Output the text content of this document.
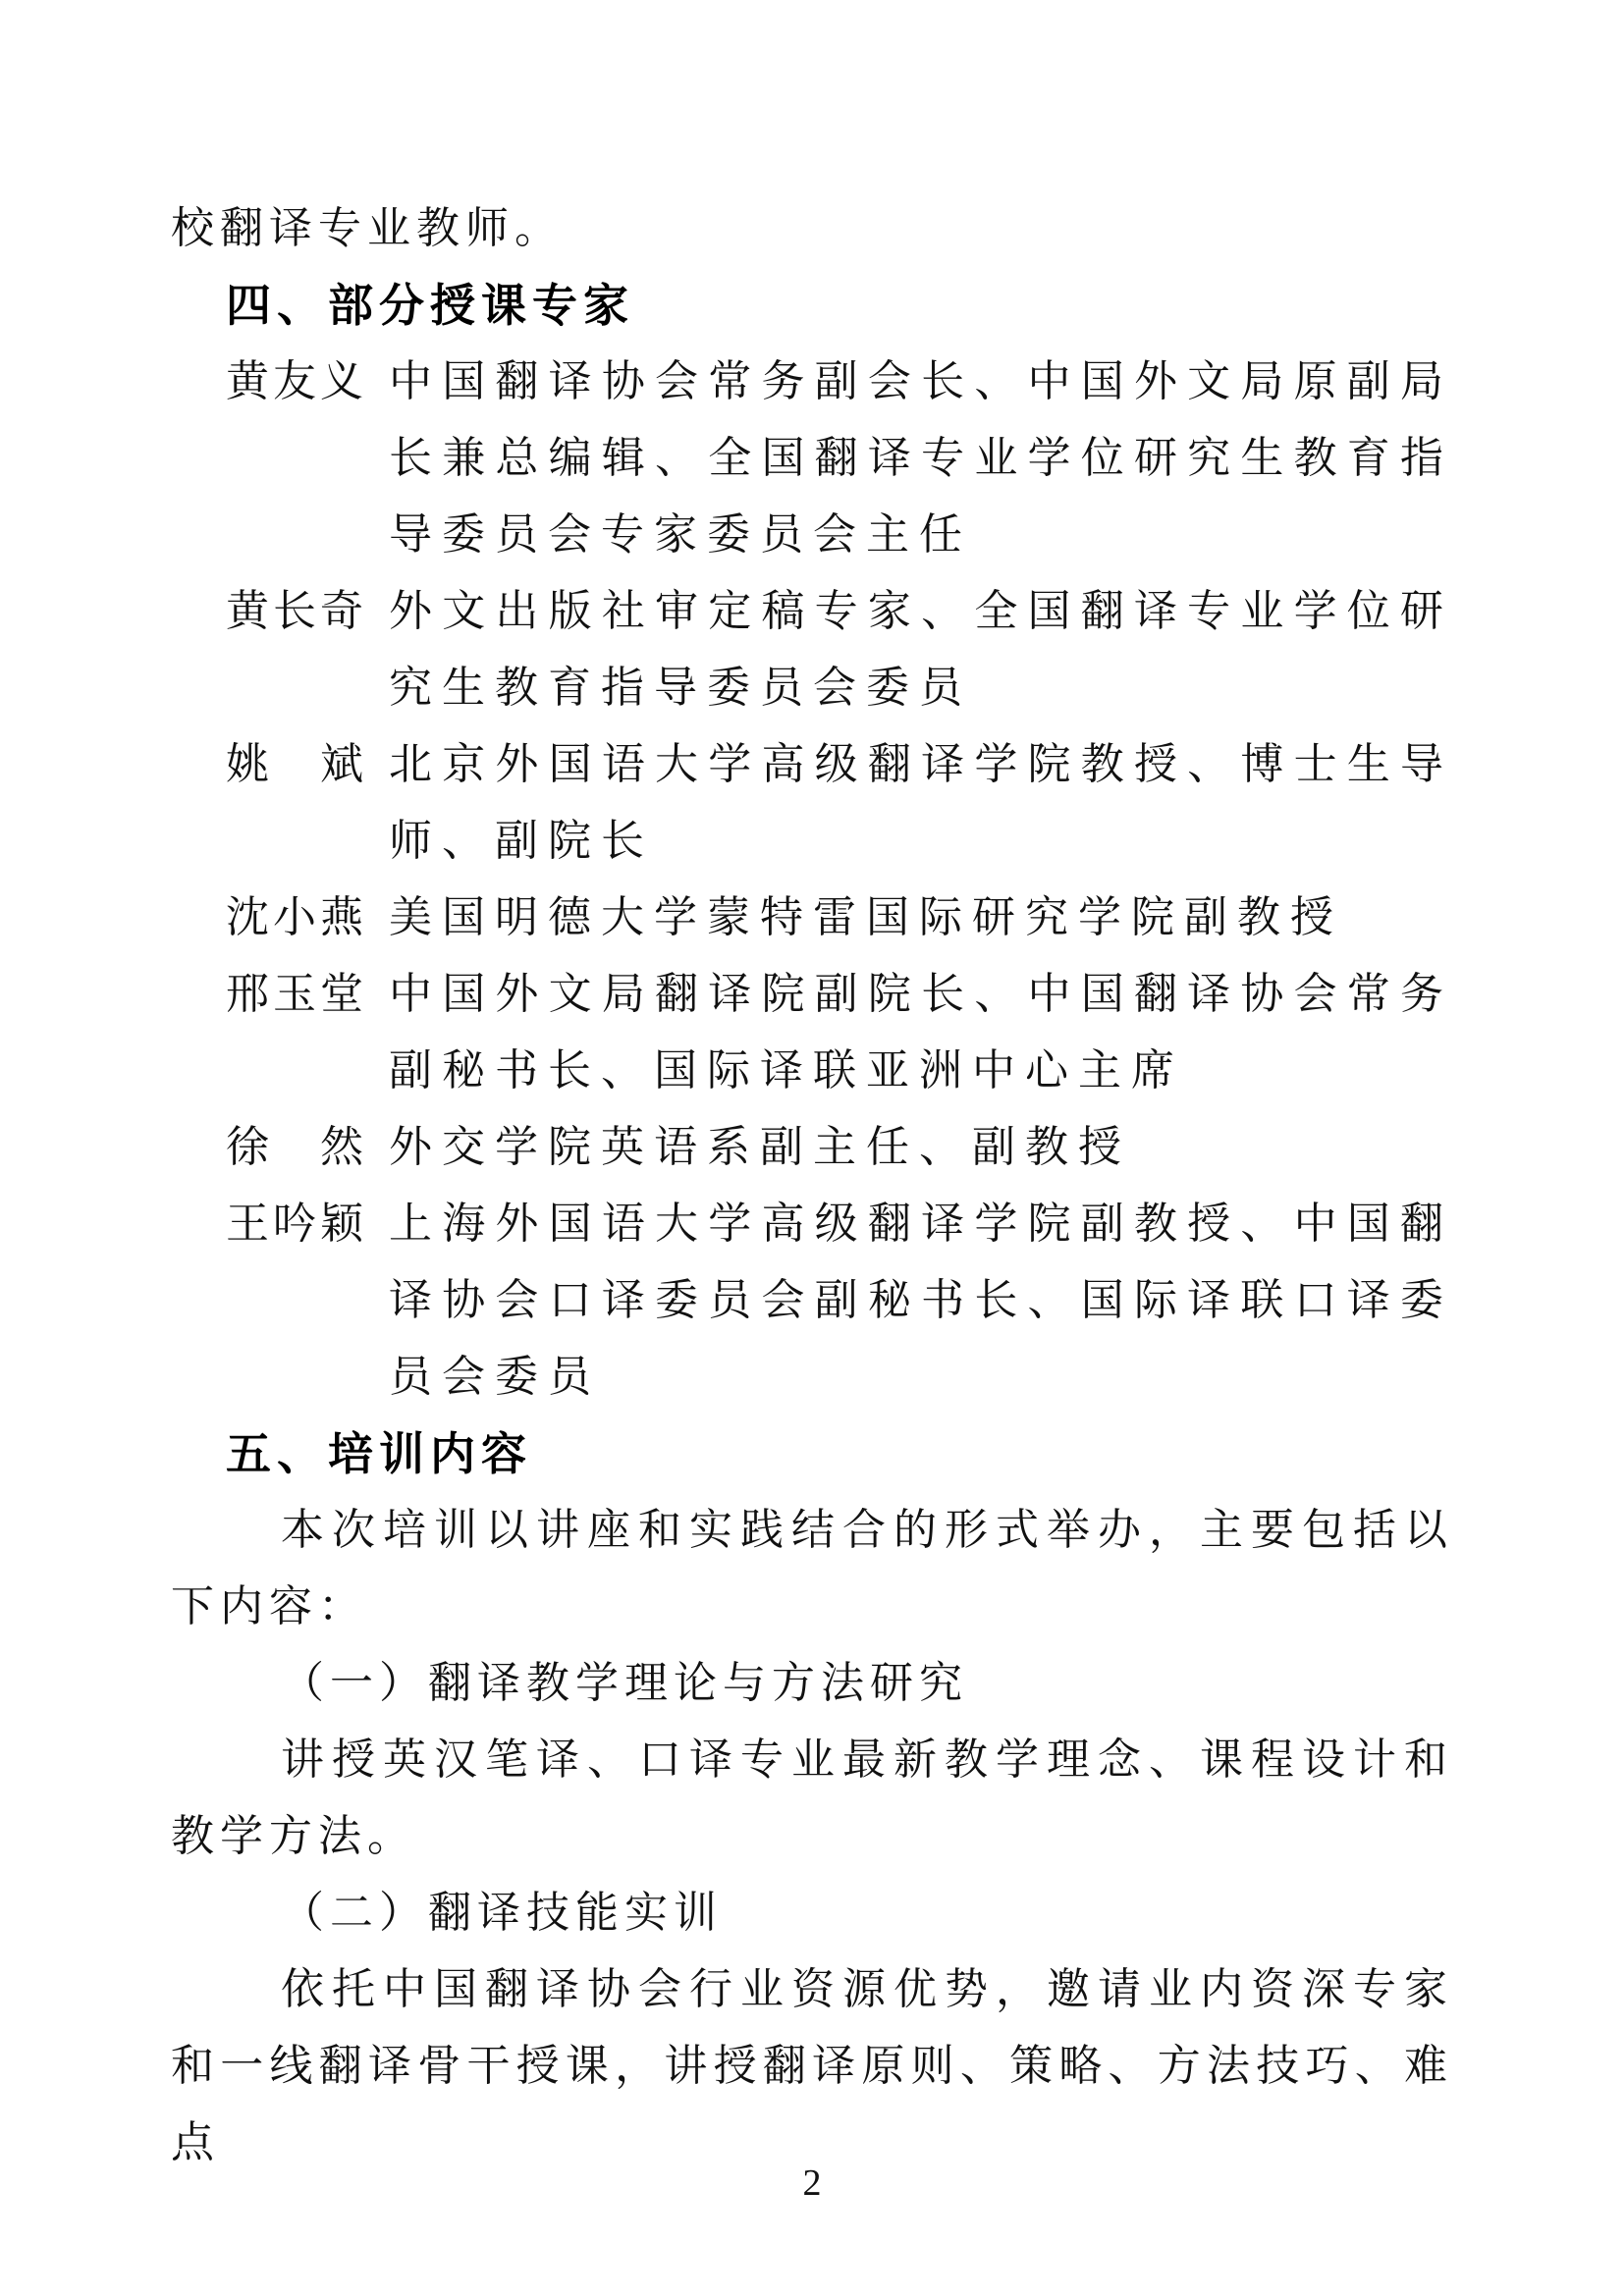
校翻译专业教师。
四、部分授课专家
黄友义 中国翻译协会常务副会长、中国外文局原副局长兼总编辑、全国翻译专业学位研究生教育指导委员会专家委员会主任
黄长奇 外文出版社审定稿专家、全国翻译专业学位研究生教育指导委员会委员
姚　斌 北京外国语大学高级翻译学院教授、博士生导师、副院长
沈小燕 美国明德大学蒙特雷国际研究学院副教授
邢玉堂 中国外文局翻译院副院长、中国翻译协会常务副秘书长、国际译联亚洲中心主席
徐　然 外交学院英语系副主任、副教授
王吟颖 上海外国语大学高级翻译学院副教授、中国翻译协会口译委员会副秘书长、国际译联口译委员会委员
五、培训内容
本次培训以讲座和实践结合的形式举办，主要包括以下内容：
（一）翻译教学理论与方法研究
讲授英汉笔译、口译专业最新教学理念、课程设计和教学方法。
（二）翻译技能实训
依托中国翻译协会行业资源优势，邀请业内资深专家和一线翻译骨干授课，讲授翻译原则、策略、方法技巧、难点
2
